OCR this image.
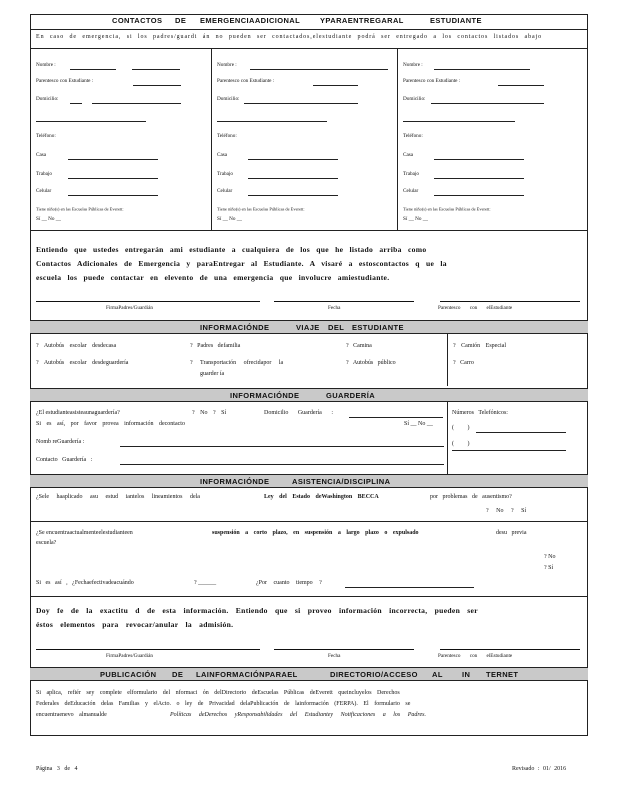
CONTACTOS DE EMERGENCIAADICIONAL	YPARAENTREGARAL	ESTUDIANTE
En caso de emergencia, si los padres/guardi án no pueden ser contactados,elestudiante podrá ser entregado a los contactos listados abajo
Nombre :
Parentesco con Estudiante :
Domicilio:
Teléfono:
Casa
Trabajo
Celular
Tiene niño(s) en las Escuelas Públicas de Everett:
Sí __ No __
Nombre :
Parentesco con Estudiante :
Domicilio:
Teléfono:
Casa
Trabajo
Celular
Tiene niño(s) en las Escuelas Públicas de Everett:
Sí __ No __
Nombre :
Parentesco con Estudiante :
Domicilio:
Teléfono:
Casa
Trabajo
Celular
Tiene niño(s) en las Escuelas Públicas de Everett:
Sí __ No __
Entiendo que ustedes entregarán ami estudiante a cualquiera de los que he listado arriba como
Contactos Adicionales de Emergencia y paraEntregar al Estudiante. A visaré a estoscontactos q ue la
escuela los puede contactar en elevento de una emergencia que involucre amiestudiante.
FirmaPadres/Guardián	Fecha	Parentesco con elEstudiante
INFORMACIÓNDE	VIAJE DEL ESTUDIANTE
? Autobús escolar desdecasa	? Padres defamilia	? Camina	? Camión Especial
? Autobús escolar desdeguardería	? Transportación ofrecidapor la
guarder ía
? Autobús público	? Carro
INFORMACIÓNDE	GUARDERÍA
¿El estudianteasisteaunaguardería?	? No ? Sí	Domicilio Guardería :
Si es así, por favor provea información decontacto	Sí __ No __
Nomb reGuardería :
Contacto Guardería :
Números Telefónicos:
( )
( )
INFORMACIÓNDE	ASISTENCIA/DISCIPLINA
¿Sele haaplicado asu estud iantelos lineamientos dela	Ley del Estado deWashington BECCA	por problemas de ausentismo?
? No ? Sí
¿Se encuentraactualmenteelestudianteen	suspensión a corto plazo, en suspensión a largo plazo o expulsado	desu previa
escuela?
? No
? Sí
Si es así , ¿Fechaefectivadeacuándo	? ______	¿Por cuanto tiempo ?
Doy fe de la exactitu d de esta información. Entiendo que si proveo información incorrecta, pueden ser
éstos elementos para revocar/anular la admisión.
FirmaPadres/Guardián	Fecha	Parentesco con elEstudiante
PUBLICACIÓN DE LAINFORMACIÓNPARAEL	DIRECTORIO/ACCESO AL	IN TERNET
Si aplica, refiér sey complete elformulario del nformaci ón delDirectorio deEscuelas Públicas deEverett queincluyelos Derechos
Federales deEducación delas Familias y elActo. o ley de Privacidad delaPublicación de lainformación (FERPA). El formulario se
encuentraenevo almanualde	Políticas deDerechos yResponsabilidades del Estudiantey Notificaciones a los Padres.
Página 3 de 4	Revisado : 01/ 2016
